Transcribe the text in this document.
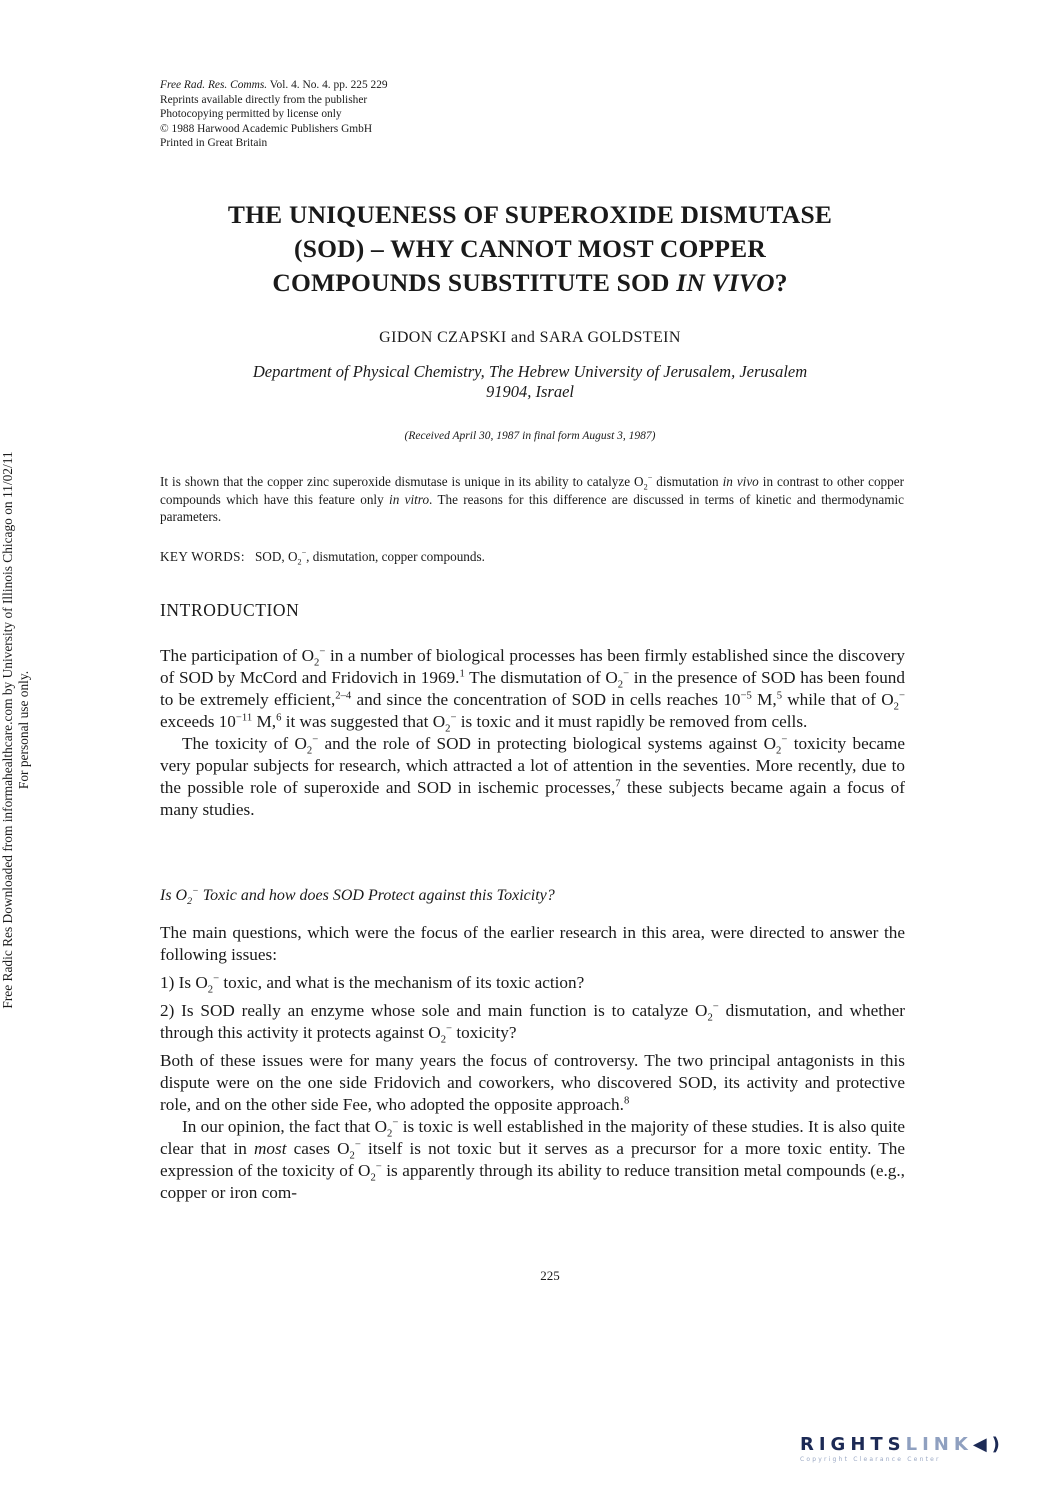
Free Rad. Res. Comms. Vol. 4. No. 4. pp. 225 229
Reprints available directly from the publisher
Photocopying permitted by license only
© 1988 Harwood Academic Publishers GmbH
Printed in Great Britain
THE UNIQUENESS OF SUPEROXIDE DISMUTASE
(SOD) – WHY CANNOT MOST COPPER
COMPOUNDS SUBSTITUTE SOD IN VIVO?
GIDON CZAPSKI and SARA GOLDSTEIN
Department of Physical Chemistry, The Hebrew University of Jerusalem, Jerusalem
91904, Israel
(Received April 30, 1987 in final form August 3, 1987)
It is shown that the copper zinc superoxide dismutase is unique in its ability to catalyze $O_2^-$ dismutation in vivo in contrast to other copper compounds which have this feature only in vitro. The reasons for this difference are discussed in terms of kinetic and thermodynamic parameters.
KEY WORDS: SOD, $O_2^-$, dismutation, copper compounds.
INTRODUCTION

The participation of $O_2^-$ in a number of biological processes has been firmly established since the discovery of SOD by McCord and Fridovich in 1969.$^1$ The dismutation of $O_2^-$ in the presence of SOD has been found to be extremely efficient,$^{2-4}$ and since the concentration of SOD in cells reaches $10^{-5}$ M,$^5$ while that of $O_2^-$ exceeds $10^{-11}$ M,$^6$ it was suggested that $O_2^-$ is toxic and it must rapidly be removed from cells.

The toxicity of $O_2^-$ and the role of SOD in protecting biological systems against $O_2^-$ toxicity became very popular subjects for research, which attracted a lot of attention in the seventies. More recently, due to the possible role of superoxide and SOD in ischemic processes,$^7$ these subjects became again a focus of many studies.

Is $O_2^-$ Toxic and how does SOD Protect against this Toxicity?

The main questions, which were the focus of the earlier research in this area, were directed to answer the following issues:

1) Is $O_2^-$ toxic, and what is the mechanism of its toxic action?

2) Is SOD really an enzyme whose sole and main function is to catalyze $O_2^-$ dismutation, and whether through this activity it protects against $O_2^-$ toxicity?

Both of these issues were for many years the focus of controversy. The two principal antagonists in this dispute were on the one side Fridovich and coworkers, who discovered SOD, its activity and protective role, and on the other side Fee, who adopted the opposite approach.$^8$

In our opinion, the fact that $O_2^-$ is toxic is well established in the majority of these studies. It is also quite clear that in most cases $O_2^-$ itself is not toxic but it serves as a precursor for a more toxic entity. The expression of the toxicity of $O_2^-$ is apparently through its ability to reduce transition metal compounds (e.g., copper or iron com-

225
Free Radic Res Downloaded from informahealthcare.com by University of Illinois Chicago on 11/02/11 For personal use only.
RIGHTSLINK◀)
Copyright Clearance Center
